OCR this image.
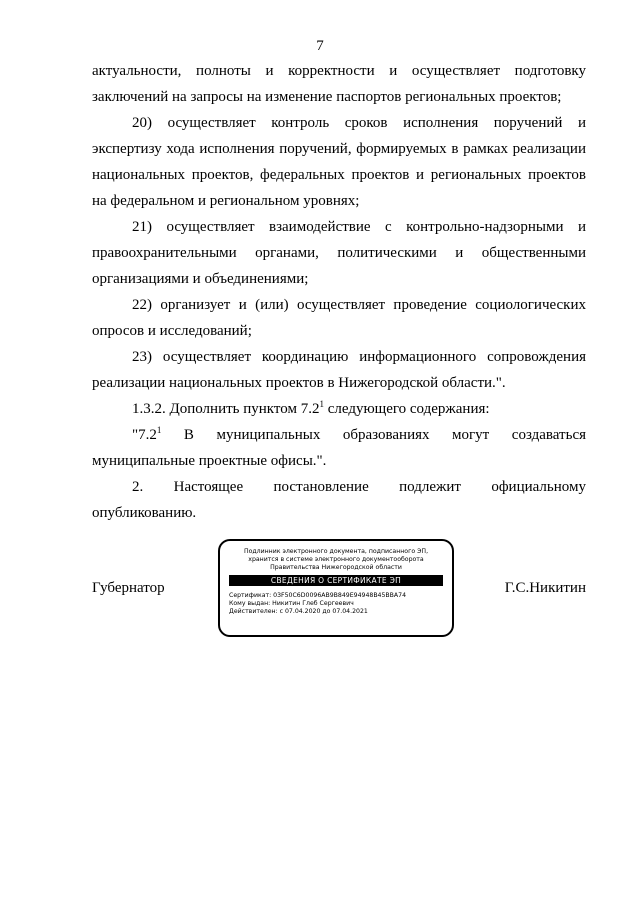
7

актуальности, полноты и корректности и осуществляет подготовку заключений на запросы на изменение паспортов региональных проектов;

20) осуществляет контроль сроков исполнения поручений и экспертизу хода исполнения поручений, формируемых в рамках реализации национальных проектов, федеральных проектов и региональных проектов на федеральном и региональном уровнях;

21) осуществляет взаимодействие с контрольно-надзорными и правоохранительными органами, политическими и общественными организациями и объединениями;

22) организует и (или) осуществляет проведение социологических опросов и исследований;

23) осуществляет координацию информационного сопровождения реализации национальных проектов в Нижегородской области.".

1.3.2. Дополнить пунктом $7.2^1$ следующего содержания:

"$7.2^1$ В муниципальных образованиях могут создаваться муниципальные проектные офисы.".

2. Настоящее постановление подлежит официальному опубликованию.

Губернатор	Г.С.Никитин
Подлинник электронного документа, подписанного ЭП,
хранится в системе электронного документооборота
Правительства Нижегородской области
СВЕДЕНИЯ О СЕРТИФИКАТЕ ЭП
Сертификат: 03F50C6D0096AB9B849E94948B45BBA74
Кому выдан: Никитин Глеб Сергеевич
Действителен: с 07.04.2020 до 07.04.2021
